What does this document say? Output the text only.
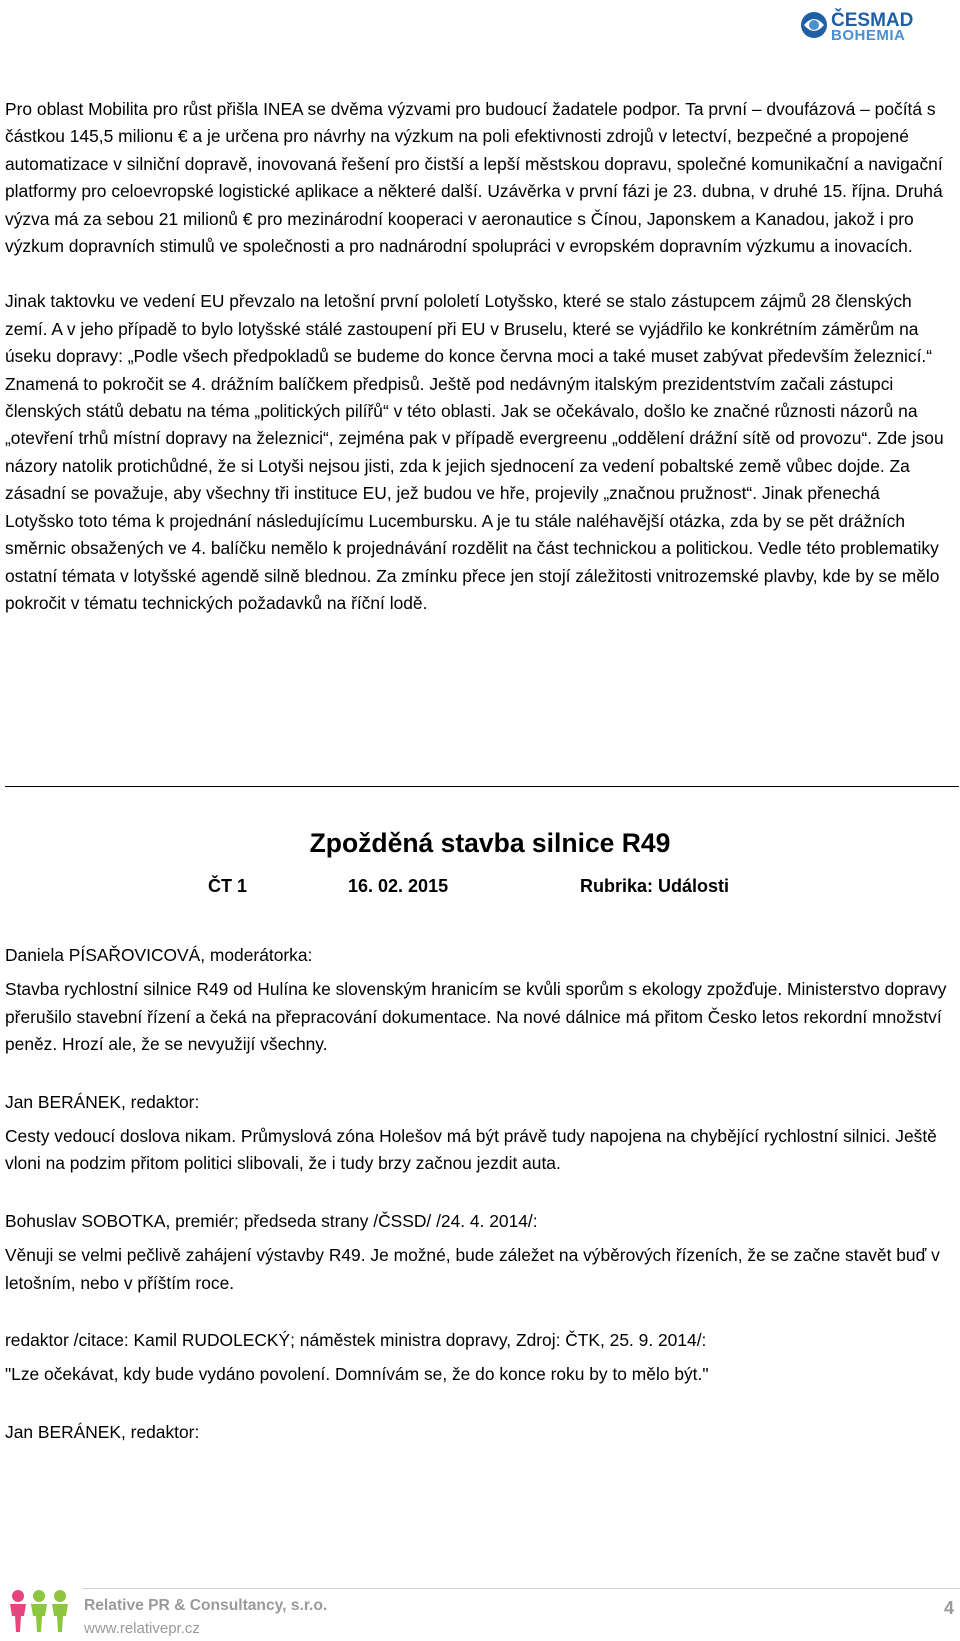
ČESMAD
BOHEMIA

Pro oblast Mobilita pro růst přišla INEA se dvěma výzvami pro budoucí žadatele podpor. Ta první – dvoufázová – počítá s částkou 145,5 milionu € a je určena pro návrhy na výzkum na poli efektivnosti zdrojů v letectví, bezpečné a propojené automatizace v silniční dopravě, inovovaná řešení pro čistší a lepší městskou dopravu, společné komunikační a navigační platformy pro celoevropské logistické aplikace a některé další. Uzávěrka v první fázi je 23. dubna, v druhé 15. října. Druhá výzva má za sebou 21 milionů € pro mezinárodní kooperaci v aeronautice s Čínou, Japonskem a Kanadou, jakož i pro výzkum dopravních stimulů ve společnosti a pro nadnárodní spolupráci v evropském dopravním výzkumu a inovacích.

Jinak taktovku ve vedení EU převzalo na letošní první pololetí Lotyšsko, které se stalo zástupcem zájmů 28 členských zemí. A v jeho případě to bylo lotyšské stálé zastoupení při EU v Bruselu, které se vyjádřilo ke konkrétním záměrům na úseku dopravy: „Podle všech předpokladů se budeme do konce června moci a také muset zabývat především železnicí.“ Znamená to pokročit se 4. drážním balíčkem předpisů. Ještě pod nedávným italským prezidentstvím začali zástupci členských států debatu na téma „politických pilířů“ v této oblasti. Jak se očekávalo, došlo ke značné různosti názorů na „otevření trhů místní dopravy na železnici“, zejména pak v případě evergreenu „oddělení drážní sítě od provozu“. Zde jsou názory natolik protichůdné, že si Lotyši nejsou jisti, zda k jejich sjednocení za vedení pobaltské země vůbec dojde. Za zásadní se považuje, aby všechny tři instituce EU, jež budou ve hře, projevily „značnou pružnost“. Jinak přenechá Lotyšsko toto téma k projednání následujícímu Lucembursku. A je tu stále naléhavější otázka, zda by se pět drážních směrnic obsažených ve 4. balíčku nemělo k projednávání rozdělit na část technickou a politickou. Vedle této problematiky ostatní témata v lotyšské agendě silně blednou. Za zmínku přece jen stojí záležitosti vnitrozemské plavby, kde by se mělo pokročit v tématu technických požadavků na říční lodě.

Zpožděná stavba silnice R49
ČT 1	16. 02. 2015	Rubrika: Události

Daniela PÍSAŘOVICOVÁ, moderátorka:

Stavba rychlostní silnice R49 od Hulína ke slovenským hranicím se kvůli sporům s ekology zpožďuje. Ministerstvo dopravy přerušilo stavební řízení a čeká na přepracování dokumentace. Na nové dálnice má přitom Česko letos rekordní množství peněz. Hrozí ale, že se nevyužijí všechny.

Jan BERÁNEK, redaktor:

Cesty vedoucí doslova nikam. Průmyslová zóna Holešov má být právě tudy napojena na chybějící rychlostní silnici. Ještě vloni na podzim přitom politici slibovali, že i tudy brzy začnou jezdit auta.

Bohuslav SOBOTKA, premiér; předseda strany /ČSSD/ /24. 4. 2014/:

Věnuji se velmi pečlivě zahájení výstavby R49. Je možné, bude záležet na výběrových řízeních, že se začne stavět buď v letošním, nebo v příštím roce.

redaktor /citace: Kamil RUDOLECKÝ; náměstek ministra dopravy, Zdroj: ČTK, 25. 9. 2014/:

"Lze očekávat, kdy bude vydáno povolení. Domnívám se, že do konce roku by to mělo být."

Jan BERÁNEK, redaktor:

Relative PR & Consultancy, s.r.o.
www.relativepr.cz
4
